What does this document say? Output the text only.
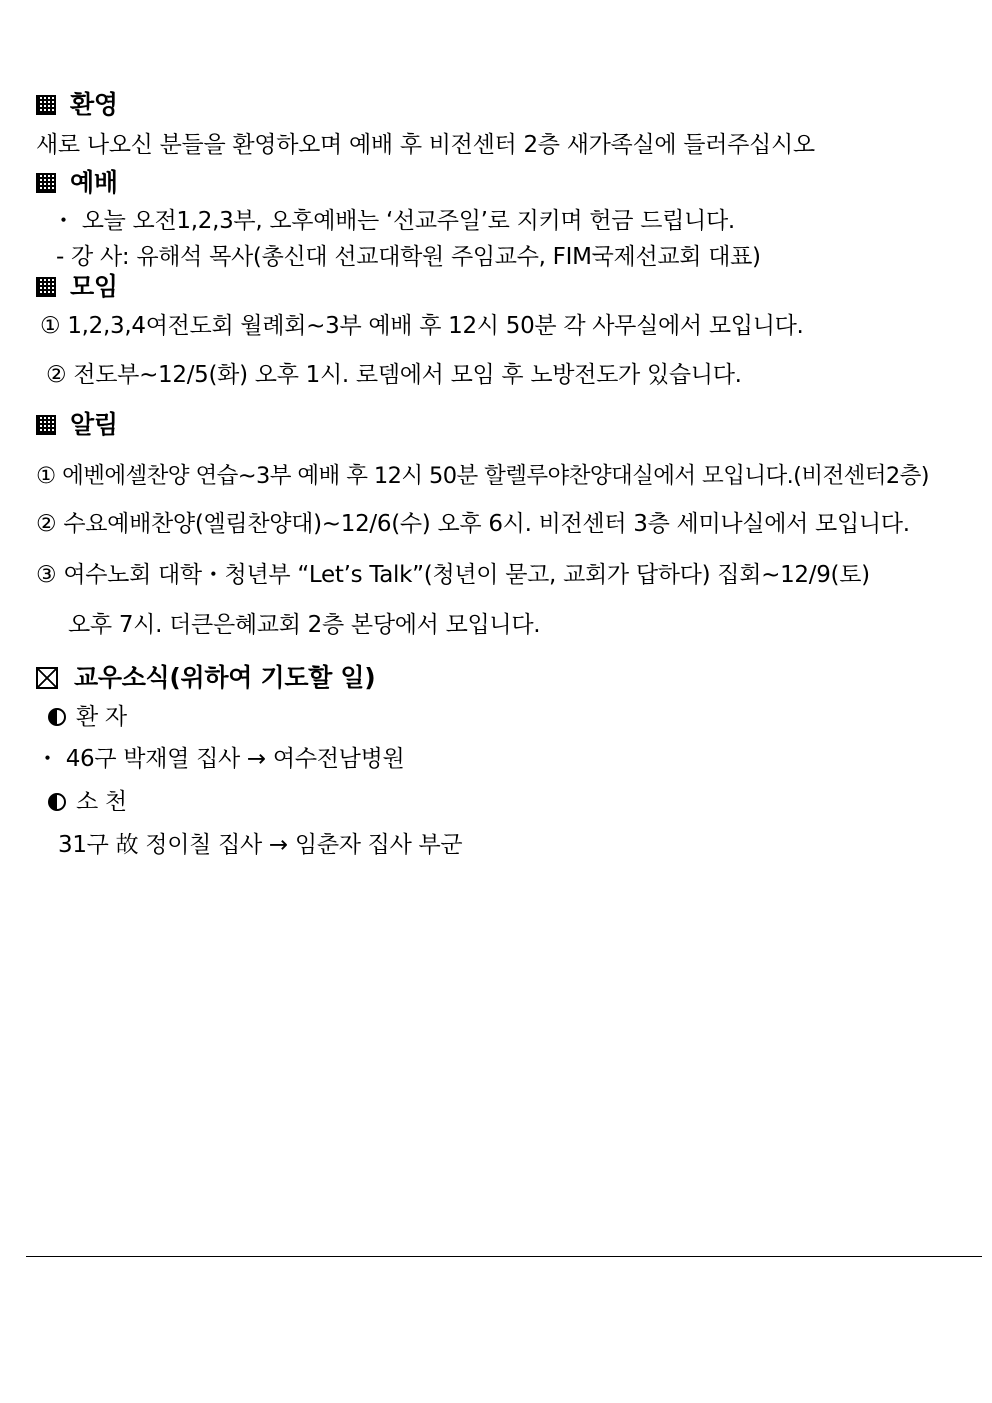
환영
새로 나오신 분들을 환영하오며 예배 후 비전센터 2층 새가족실에 들러주십시오
예배
・ 오늘 오전1,2,3부, 오후예배는 ‘선교주일’로 지키며 헌금 드립니다.
- 강 사: 유해석 목사(총신대 선교대학원 주임교수, FIM국제선교회 대표)
모임
① 1,2,3,4여전도회 월례회~3부 예배 후 12시 50분 각 사무실에서 모입니다.
② 전도부~12/5(화) 오후 1시. 로뎀에서 모임 후 노방전도가 있습니다.
알림
① 에벤에셀찬양 연습~3부 예배 후 12시 50분 할렐루야찬양대실에서 모입니다.(비전센터2층)
② 수요예배찬양(엘림찬양대)~12/6(수) 오후 6시. 비전센터 3층 세미나실에서 모입니다.
③ 여수노회 대학・청년부 “Let’s Talk”(청년이 묻고, 교회가 답하다) 집회~12/9(토)
오후 7시. 더큰은혜교회 2층 본당에서 모입니다.
교우소식(위하여 기도할 일)
환 자
・ 46구 박재열 집사 → 여수전남병원
소 천
31구 故 정이칠 집사 → 임춘자 집사 부군
